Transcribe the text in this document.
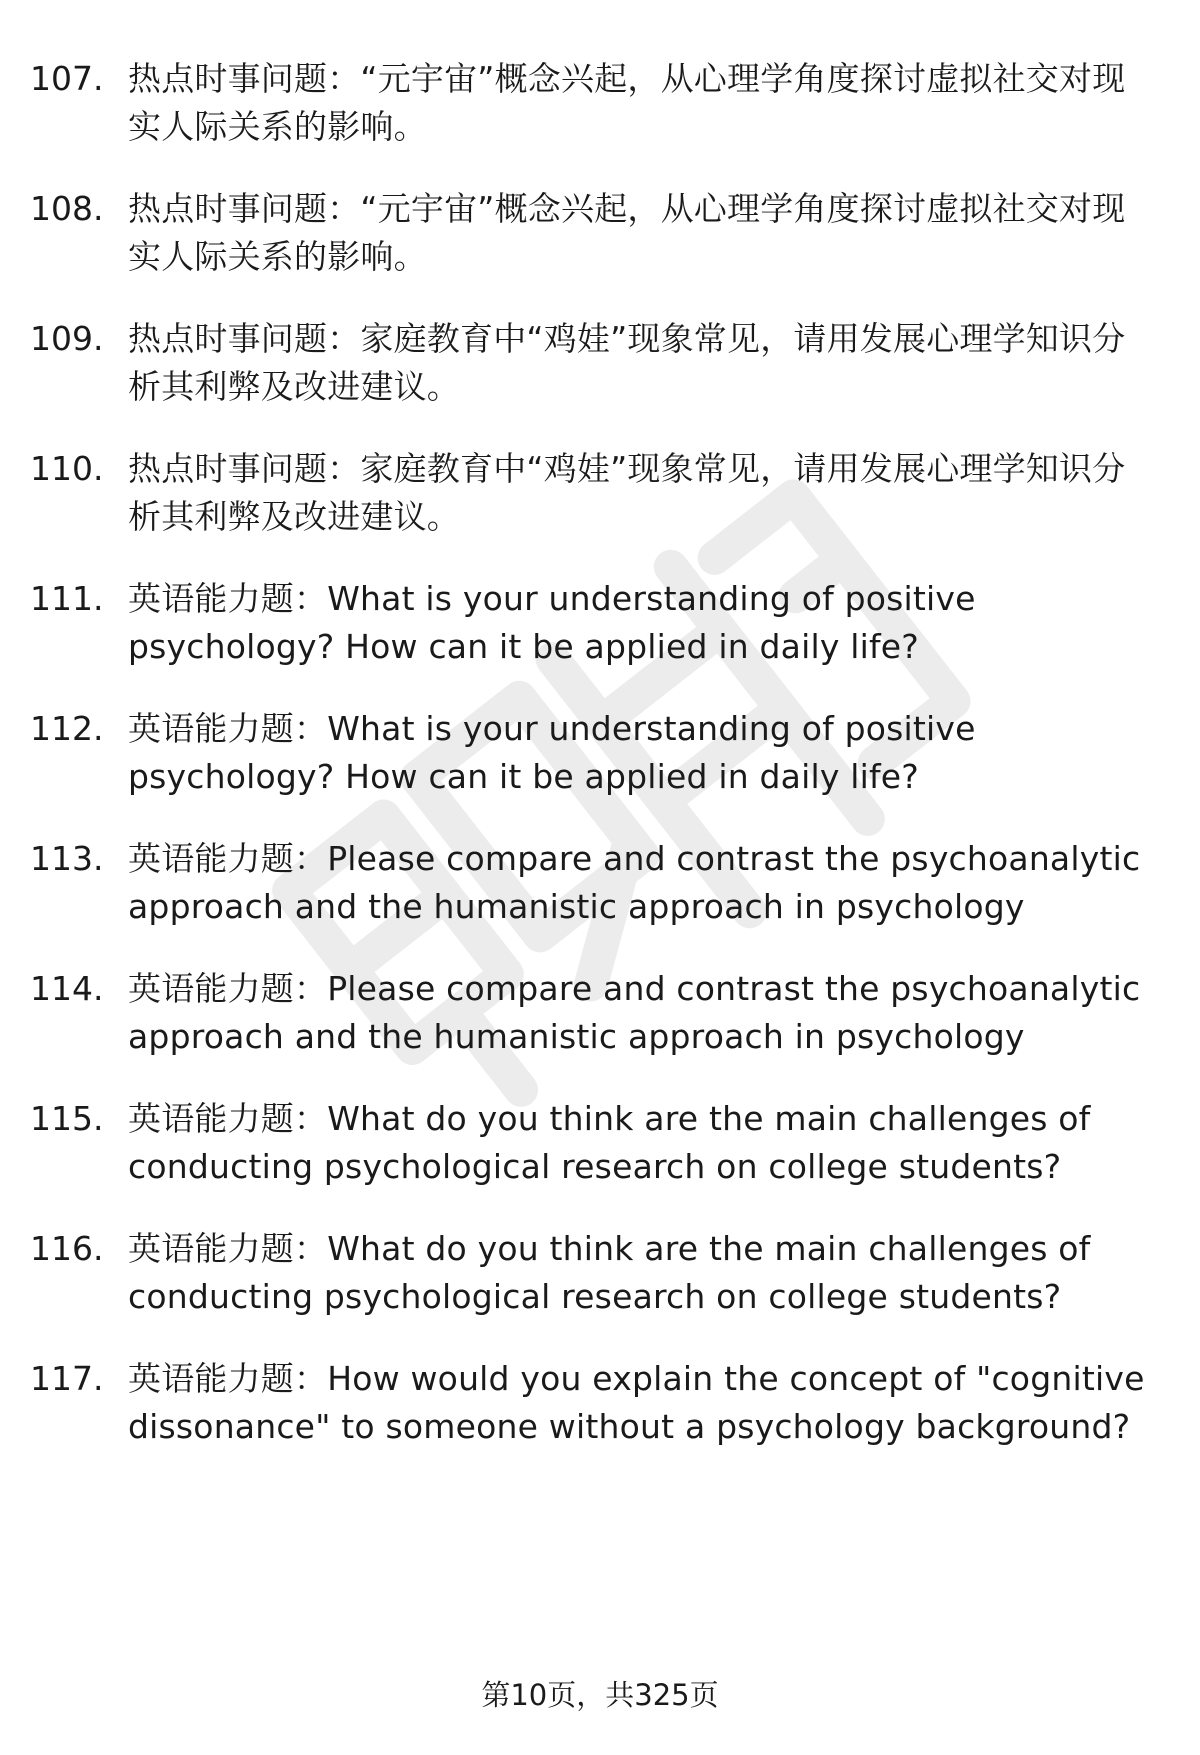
107. 热点时事问题：“元宇宙”概念兴起，从心理学角度探讨虚拟社交对现实人际关系的影响。
108. 热点时事问题：“元宇宙”概念兴起，从心理学角度探讨虚拟社交对现实人际关系的影响。
109. 热点时事问题：家庭教育中“鸡娃”现象常见，请用发展心理学知识分析其利弊及改进建议。
110. 热点时事问题：家庭教育中“鸡娃”现象常见，请用发展心理学知识分析其利弊及改进建议。
111. 英语能力题：What is your understanding of positive psychology? How can it be applied in daily life?
112. 英语能力题：What is your understanding of positive psychology? How can it be applied in daily life?
113. 英语能力题：Please compare and contrast the psychoanalytic approach and the humanistic approach in psychology
114. 英语能力题：Please compare and contrast the psychoanalytic approach and the humanistic approach in psychology
115. 英语能力题：What do you think are the main challenges of conducting psychological research on college students?
116. 英语能力题：What do you think are the main challenges of conducting psychological research on college students?
117. 英语能力题：How would you explain the concept of "cognitive dissonance" to someone without a psychology background?
第10页，共325页
